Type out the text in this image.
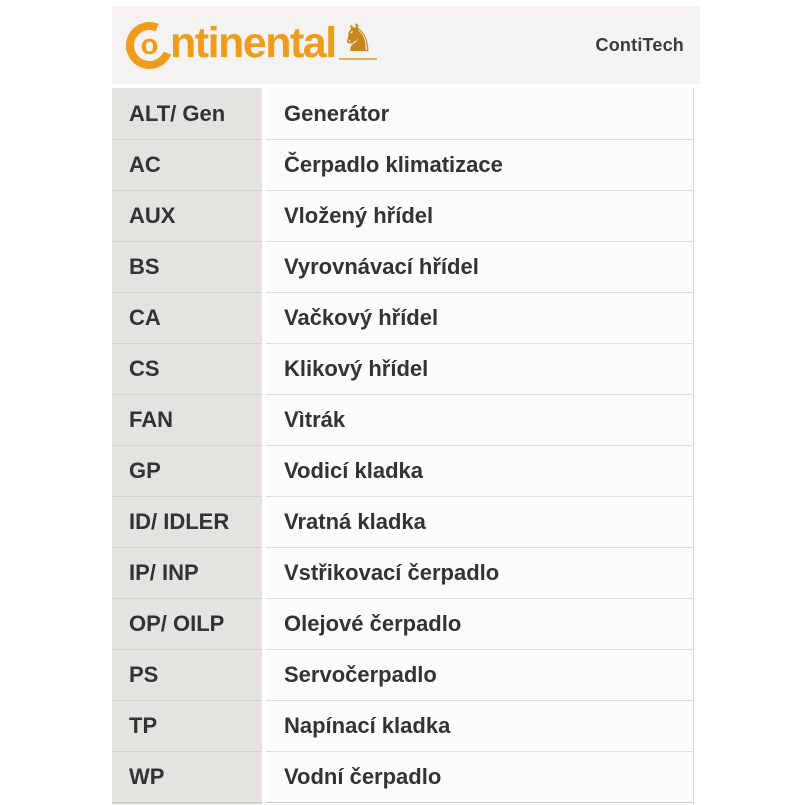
o ntinental ♞	ContiTech
ALT/ Gen	Generátor
AC	Čerpadlo klimatizace
AUX	Vložený hřídel
BS	Vyrovnávací hřídel
CA	Vačkový hřídel
CS	Klikový hřídel
FAN	Vìtrák
GP	Vodicí kladka
ID/ IDLER	Vratná kladka
IP/ INP	Vstřikovací čerpadlo
OP/ OILP	Olejové čerpadlo
PS	Servočerpadlo
TP	Napínací kladka
WP	Vodní čerpadlo
